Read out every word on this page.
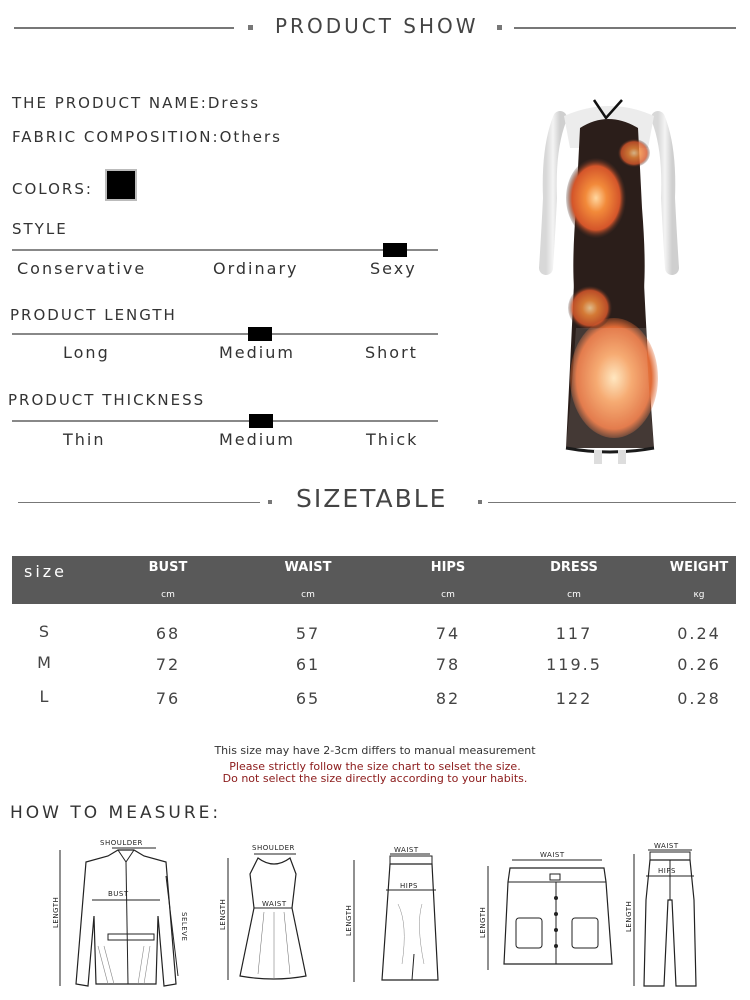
PRODUCT SHOW
THE PRODUCT NAME:Dress
FABRIC COMPOSITION:Others
COLORS:
STYLE
Conservative	Ordinary	Sexy
PRODUCT LENGTH
Long	Medium	Short
PRODUCT THICKNESS
Thin	Medium	Thick
SIZETABLE
size	BUST	WAIST	HIPS	DRESS	WEIGHT
cm	cm	cm	cm	κg
S	68	57	74	117	0.24
M	72	61	78	119.5	0.26
L	76	65	82	122	0.28
This size may have 2-3cm differs to manual measurement
Please strictly follow the size chart to selset the size.
Do not select the size directly according to your habits.
HOW TO MEASURE:
SHOULDER
LENGTH
BUST
SELEVE
SHOULDER
LENGTH	WAIST
WAIST
LENGTH
HIPS
WAIST
LENGTH
WAIST
LENGTH
HIPS
